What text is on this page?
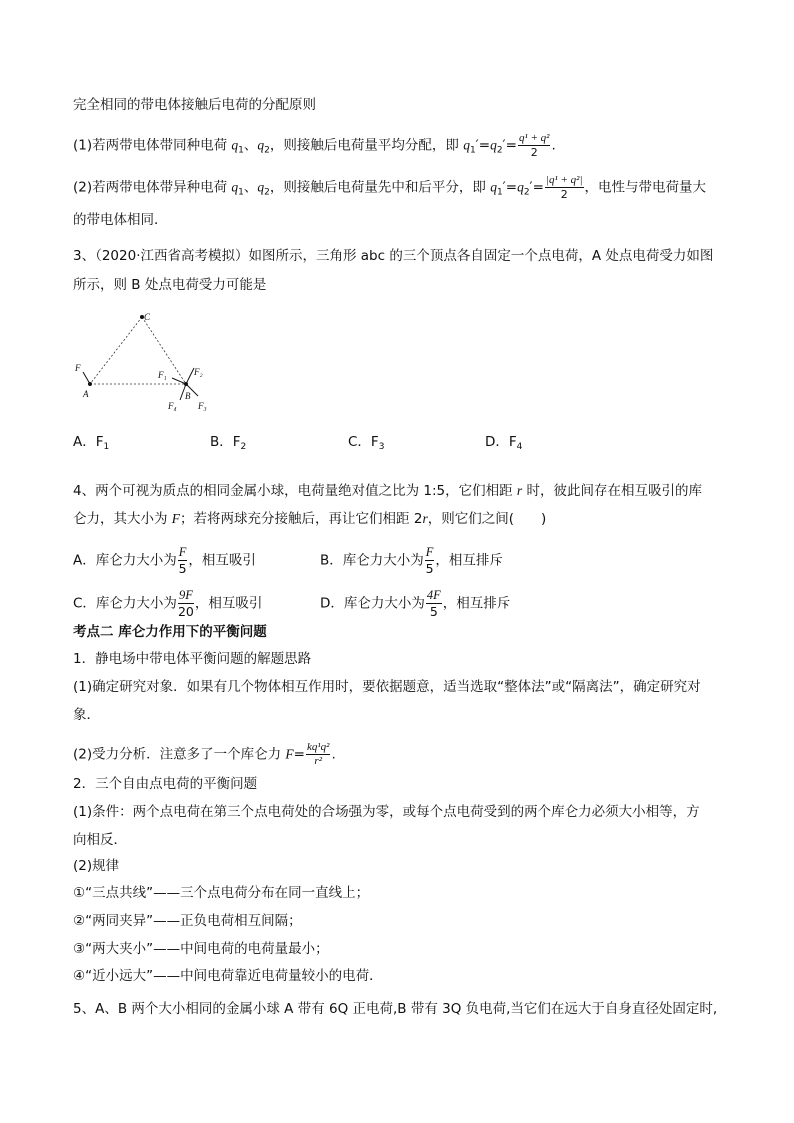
完全相同的带电体接触后电荷的分配原则
(1)若两带电体带同种电荷 $q_1$、$q_2$，则接触后电荷量平均分配，即 $q_1'=q_2'= \frac{\text{q¹ + q²}}{2}$ .
(2)若两带电体带异种电荷 $q_1$、$q_2$，则接触后电荷量先中和后平分，即 $q_1'=q_2'= \frac{\text{|q¹ + q²|}}{2}$ ，电性与带电荷量大
的带电体相同．
3、（2020·江西省高考模拟）如图所示，三角形 abc 的三个顶点各自固定一个点电荷，A 处点电荷受力如图
所示，则 B 处点电荷受力可能是
C
A	B
F
F₁	F₂
F₃
F₄
A．$F_1$	B．$F_2$	C．$F_3$	D．$F_4$
4、两个可视为质点的相同金属小球，电荷量绝对值之比为 1:5，它们相距 r 时，彼此间存在相互吸引的库
仑力，其大小为 F；若将两球充分接触后，再让它们相距 2r，则它们之间(　　)
A．库仑力大小为 $\frac{F}{5}$ ，相互吸引	B．库仑力大小为 $\frac{F}{5}$ ，相互排斥
C．库仑力大小为 $\frac{9F}{20}$ ，相互吸引	D．库仑力大小为 $\frac{4F}{5}$ ，相互排斥
考点二 库仑力作用下的平衡问题
1．静电场中带电体平衡问题的解题思路
(1)确定研究对象．如果有几个物体相互作用时，要依据题意，适当选取“整体法”或“隔离法”，确定研究对
象．
(2)受力分析．注意多了一个库仑力 $F= \frac{\text{kq¹q²}}{\text{r²}}$ .
2．三个自由点电荷的平衡问题
(1)条件：两个点电荷在第三个点电荷处的合场强为零，或每个点电荷受到的两个库仑力必须大小相等，方
向相反．
(2)规律
①“三点共线”——三个点电荷分布在同一直线上；
②“两同夹异”——正负电荷相互间隔；
③“两大夹小”——中间电荷的电荷量最小；
④“近小远大”——中间电荷靠近电荷量较小的电荷．
5、A、B 两个大小相同的金属小球 A 带有 6Q 正电荷,B 带有 3Q 负电荷,当它们在远大于自身直径处固定时,
